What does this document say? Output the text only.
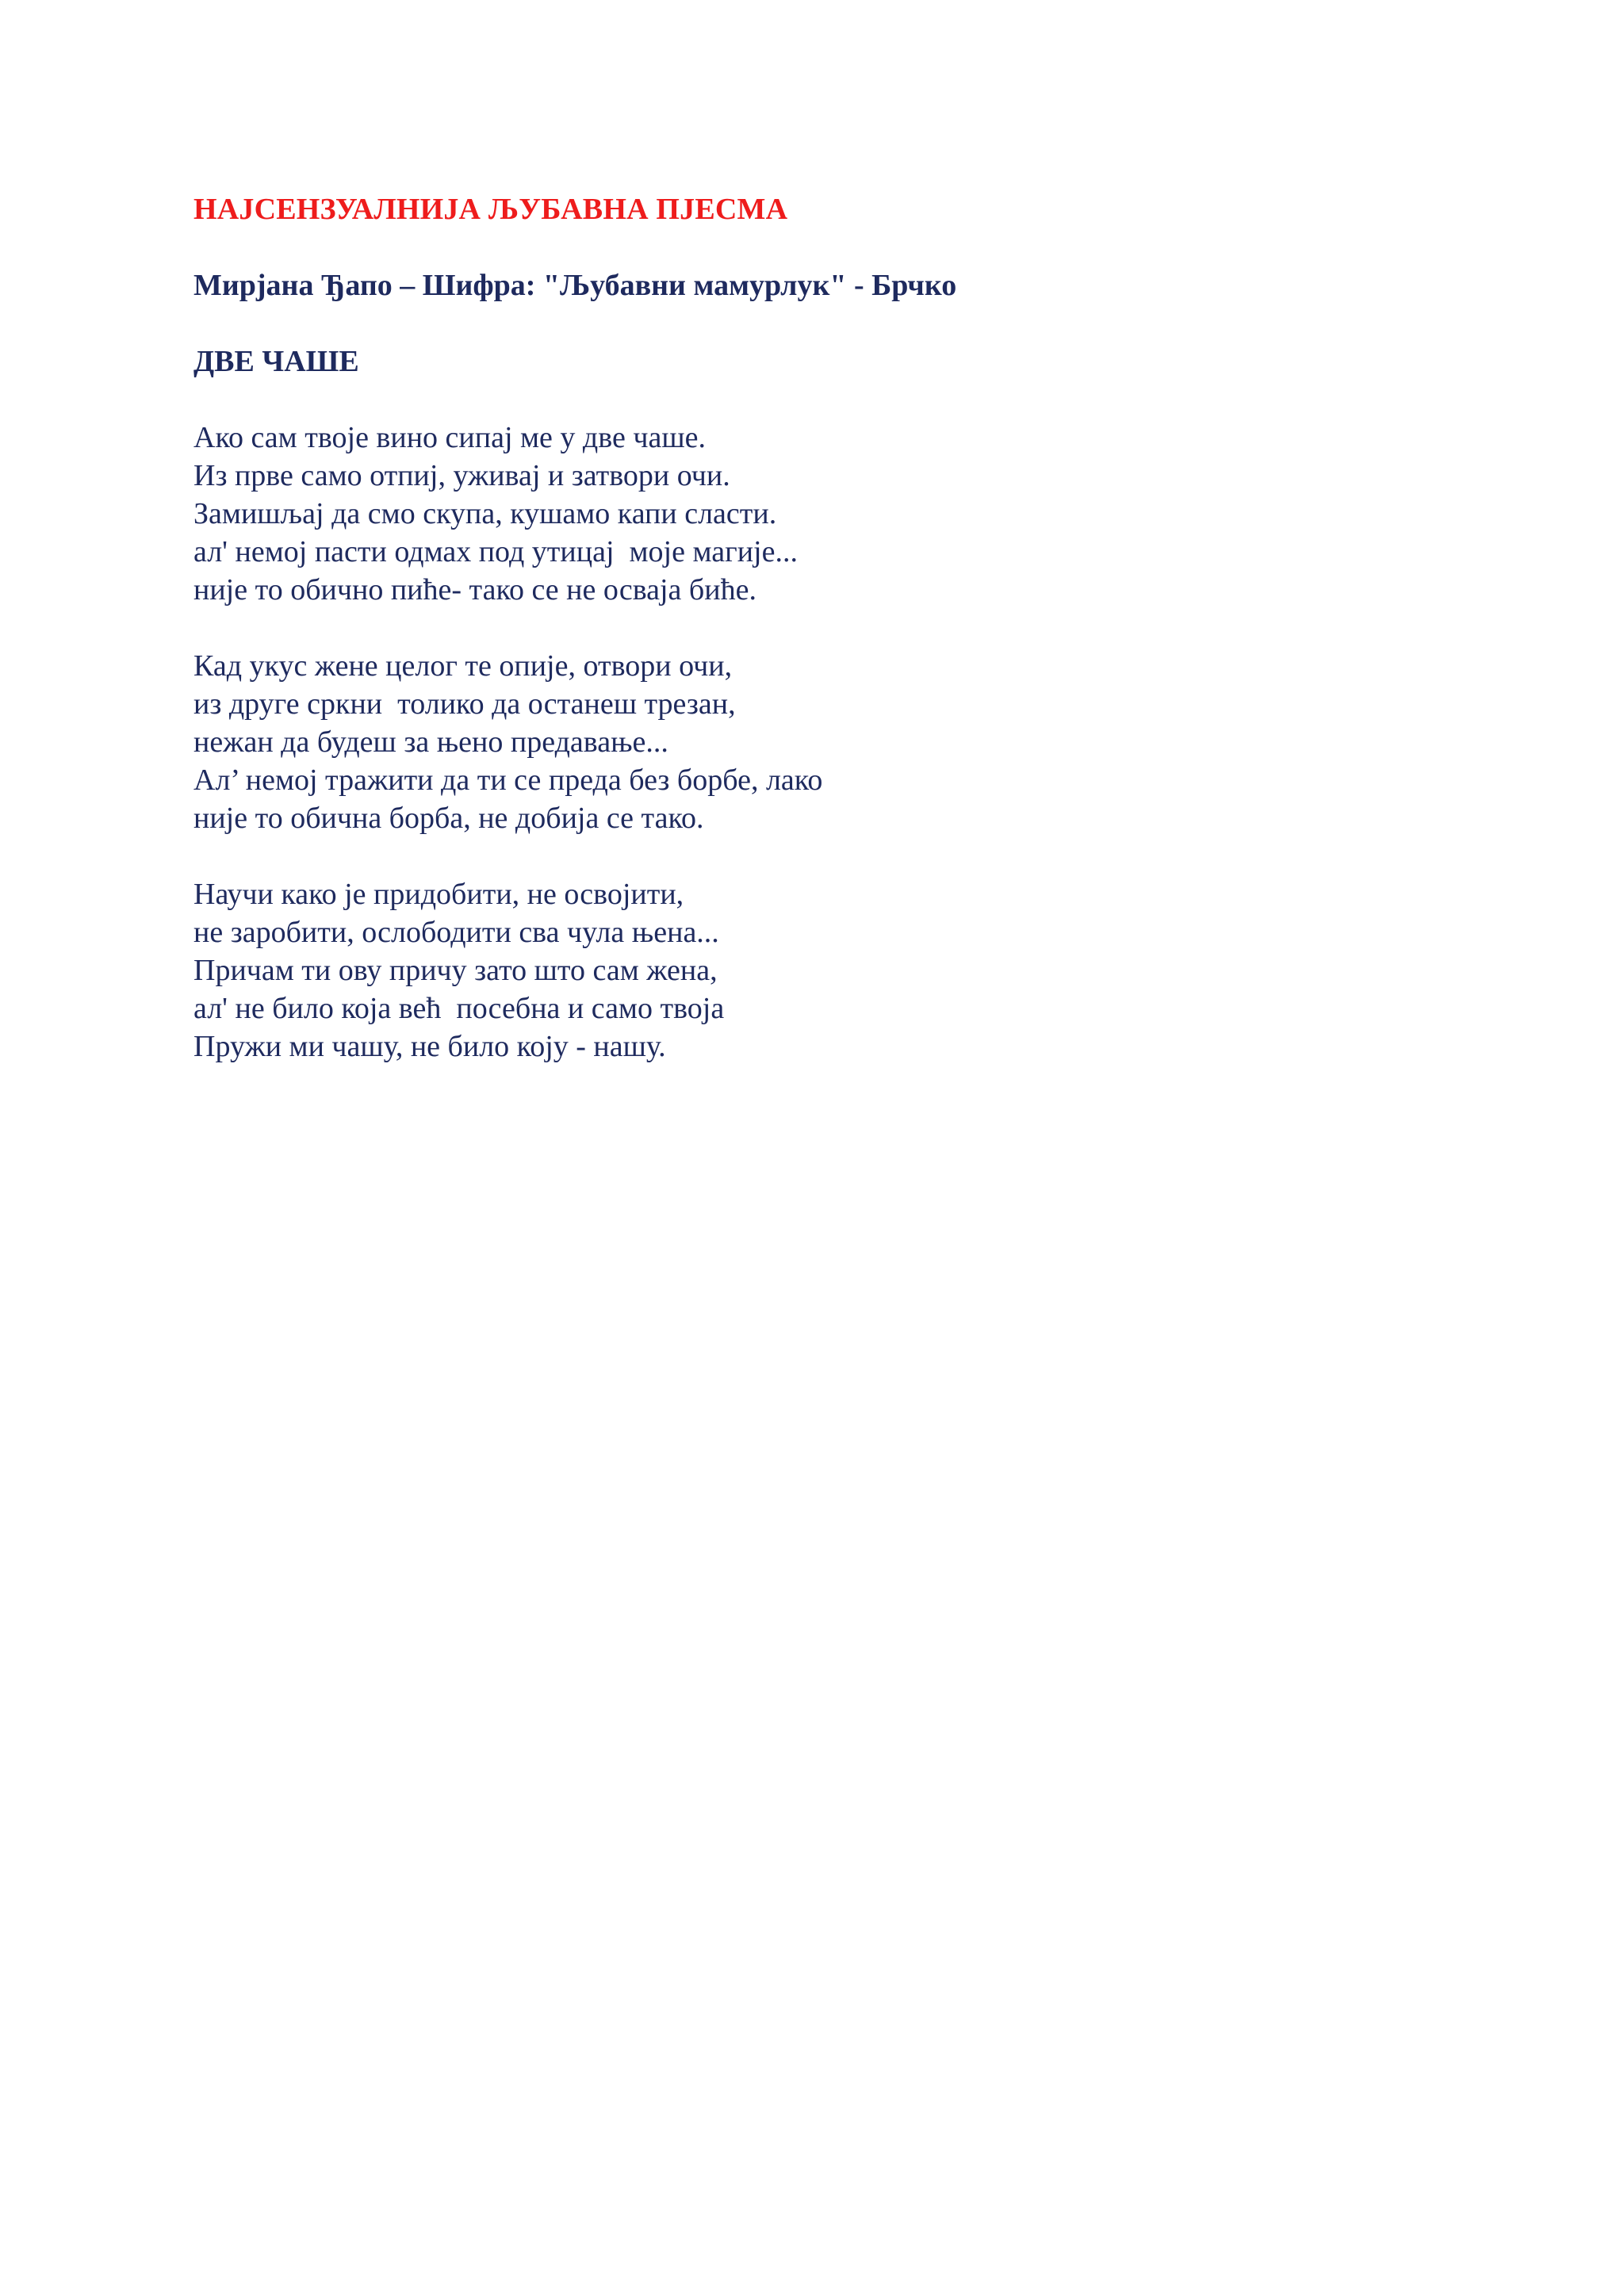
НАЈСЕНЗУАЛНИЈА ЉУБАВНА ПЈЕСМА

Мирјана Ђапо – Шифра: "Љубавни мамурлук" - Брчко

ДВЕ ЧАШЕ

Ако сам твоје вино сипај ме у две чаше.
Из прве само отпиј, уживај и затвори очи.
Замишљај да смо скупа, кушамо капи сласти.
ал' немој пасти одмах под утицај  моје магије...
није то обично пиће- тако се не осваја биће.
Кад укус жене целог те опије, отвори очи,
из друге сркни  толико да останеш трезан,
нежан да будеш за њено предавање...
Ал’ немој тражити да ти се преда без борбе, лако
није то обична борба, не добија се тако.
Научи како је придобити, не освојити,
не заробити, ослободити сва чула њена...
Причам ти ову причу зато што сам жена,
ал' не било која већ  посебна и само твоја
Пружи ми чашу, не било коју - нашу.
